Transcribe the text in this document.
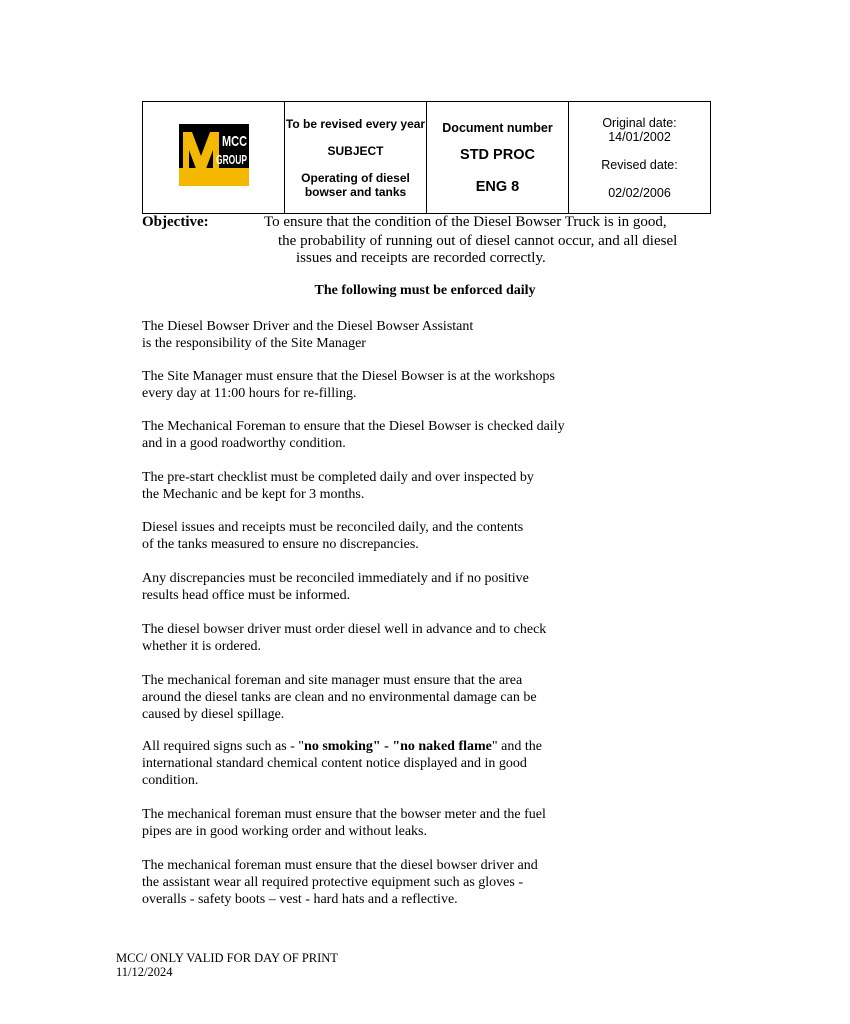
MCC
GROUP

To be revised every year
SUBJECT
Operating of diesel bowser and tanks

Document number
STD PROC
ENG 8

Original date:
14/01/2002
Revised date:
02/02/2006
Objective:	To ensure that the condition of the Diesel Bowser Truck is in good,
the probability of running out of diesel cannot occur, and all diesel
issues and receipts are recorded correctly.
The following must be enforced daily
The Diesel Bowser Driver and the Diesel Bowser Assistant
is the responsibility of the Site Manager
The Site Manager must ensure that the Diesel Bowser is at the workshops
every day at 11:00 hours for re-filling.
The Mechanical Foreman to ensure that the Diesel Bowser is checked daily
and in a good roadworthy condition.
The pre-start checklist must be completed daily and over inspected by
the Mechanic and be kept for 3 months.
Diesel issues and receipts must be reconciled daily, and the contents
of the tanks measured to ensure no discrepancies.
Any discrepancies must be reconciled immediately and if no positive
results head office must be informed.
The diesel bowser driver must order diesel well in advance and to check
whether it is ordered.
The mechanical foreman and site manager must ensure that the area
around the diesel tanks are clean and no environmental damage can be
caused by diesel spillage.
All required signs such as - "no smoking" - "no naked flame" and the
international standard chemical content notice displayed and in good
condition.
The mechanical foreman must ensure that the bowser meter and the fuel
pipes are in good working order and without leaks.
The mechanical foreman must ensure that the diesel bowser driver and
the assistant wear all required protective equipment such as gloves -
overalls - safety boots – vest - hard hats and a reflective.
MCC/ ONLY VALID FOR DAY OF PRINT
11/12/2024
